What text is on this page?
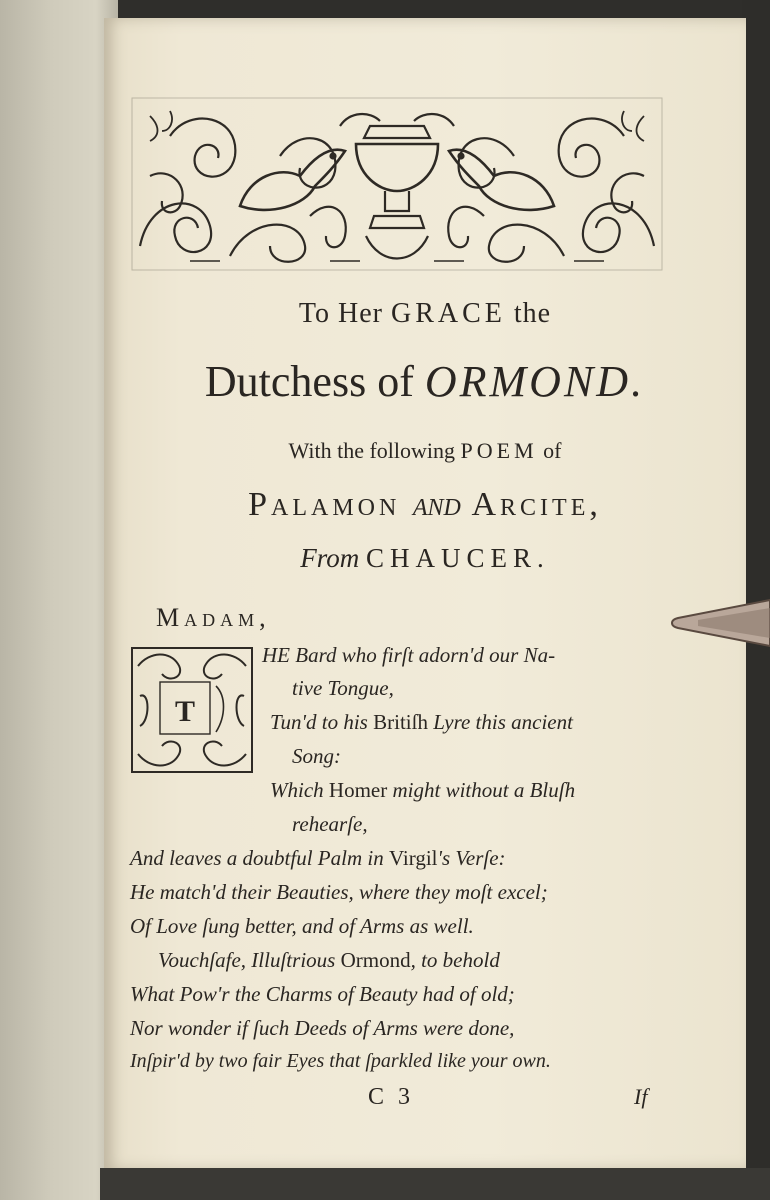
To Her GRACE the
Dutchess of ORMOND.
With the following POEM of
Palamon and Arcite,
From CHAUCER.
Madam,
T
HE Bard who firſt adorn'd our Na-
tive Tongue,
Tun'd to his Britiſh Lyre this ancient
Song:
Which Homer might without a Bluſh
rehearſe,
And leaves a doubtful Palm in Virgil's Verſe:
He match'd their Beauties, where they moſt excel;
Of Love ſung better, and of Arms as well.
Vouchſafe, Illuſtrious Ormond, to behold
What Pow'r the Charms of Beauty had of old;
Nor wonder if ſuch Deeds of Arms were done,
Inſpir'd by two fair Eyes that ſparkled like your own.
C 3	If
